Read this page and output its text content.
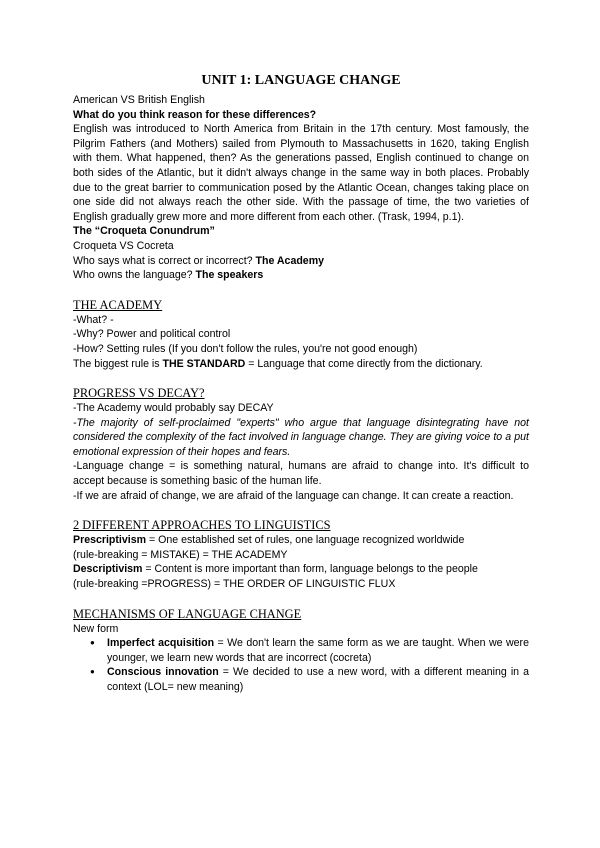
UNIT 1: LANGUAGE CHANGE

American VS British English

What do you think reason for these differences?

English was introduced to North America from Britain in the 17th century. Most famously, the Pilgrim Fathers (and Mothers) sailed from Plymouth to Massachusetts in 1620, taking English with them. What happened, then? As the generations passed, English continued to change on both sides of the Atlantic, but it didn't always change in the same way in both places. Probably due to the great barrier to communication posed by the Atlantic Ocean, changes taking place on one side did not always reach the other side. With the passage of time, the two varieties of English gradually grew more and more different from each other. (Trask, 1994, p.1).

The “Croqueta Conundrum”

Croqueta VS Cocreta

Who says what is correct or incorrect? The Academy

Who owns the language? The speakers

THE ACADEMY

-What? -

-Why? Power and political control

-How? Setting rules (If you don't follow the rules, you're not good enough)

The biggest rule is THE STANDARD = Language that come directly from the dictionary.

PROGRESS VS DECAY?

-The Academy would probably say DECAY

-The majority of self-proclaimed "experts" who argue that language disintegrating have not considered the complexity of the fact involved in language change. They are giving voice to a put emotional expression of their hopes and fears.

-Language change = is something natural, humans are afraid to change into. It's difficult to accept because is something basic of the human life.

-If we are afraid of change, we are afraid of the language can change. It can create a reaction.

2 DIFFERENT APPROACHES TO LINGUISTICS

Prescriptivism = One established set of rules, one language recognized worldwide

(rule-breaking = MISTAKE) = THE ACADEMY

Descriptivism = Content is more important than form, language belongs to the people

(rule-breaking =PROGRESS) = THE ORDER OF LINGUISTIC FLUX

MECHANISMS OF LANGUAGE CHANGE

New form

● Imperfect acquisition = We don't learn the same form as we are taught. When we were younger, we learn new words that are incorrect (cocreta)
● Conscious innovation = We decided to use a new word, with a different meaning in a context (LOL= new meaning)
